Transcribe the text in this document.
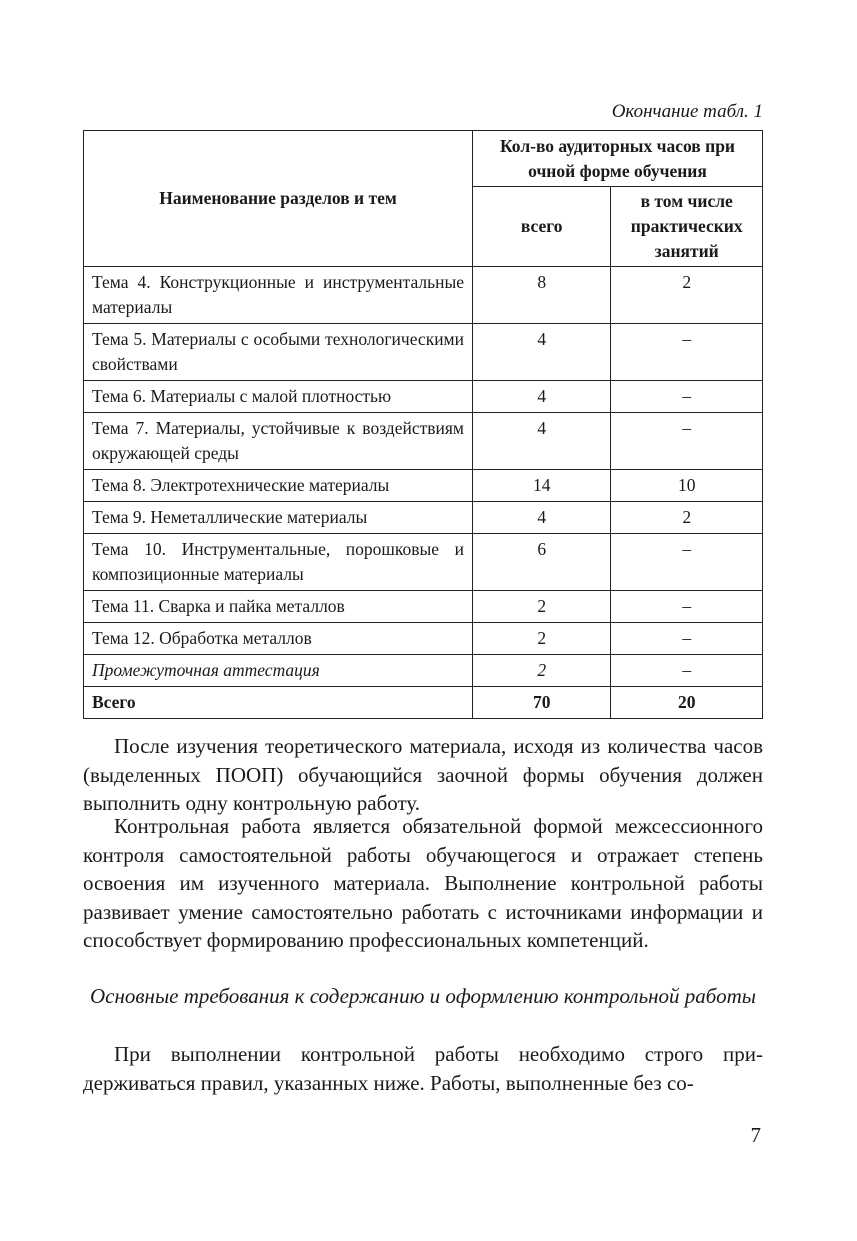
Окончание табл. 1
Наименование разделов и тем	Кол-во аудиторных часов при очной форме обучения	
	всего	в том числе практических занятий
Тема 4. Конструкционные и инструментальные материалы	8	2
Тема 5. Материалы с особыми технологическими свойствами	4	–
Тема 6. Материалы с малой плотностью	4	–
Тема 7. Материалы, устойчивые к воздействиям окружающей среды	4	–
Тема 8. Электротехнические материалы	14	10
Тема 9. Неметаллические материалы	4	2
Тема 10. Инструментальные, порошковые и композиционные материалы	6	–
Тема 11. Сварка и пайка металлов	2	–
Тема 12. Обработка металлов	2	–
Промежуточная аттестация	2	–
Всего	70	20

После изучения теоретического материала, исходя из количества часов (выделенных ПООП) обучающийся заочной формы обучения должен выполнить одну контрольную работу.

Контрольная работа является обязательной формой межсессионного контроля самостоятельной работы обучающегося и отражает степень освоения им изученного материала. Выполнение контрольной работы развивает умение самостоятельно работать с источниками информации и способствует формированию профессиональных компетенций.

Основные требования к содержанию и оформлению контрольной работы

При выполнении контрольной работы необходимо строго придерживаться правил, указанных ниже. Работы, выполненные без со-

7
